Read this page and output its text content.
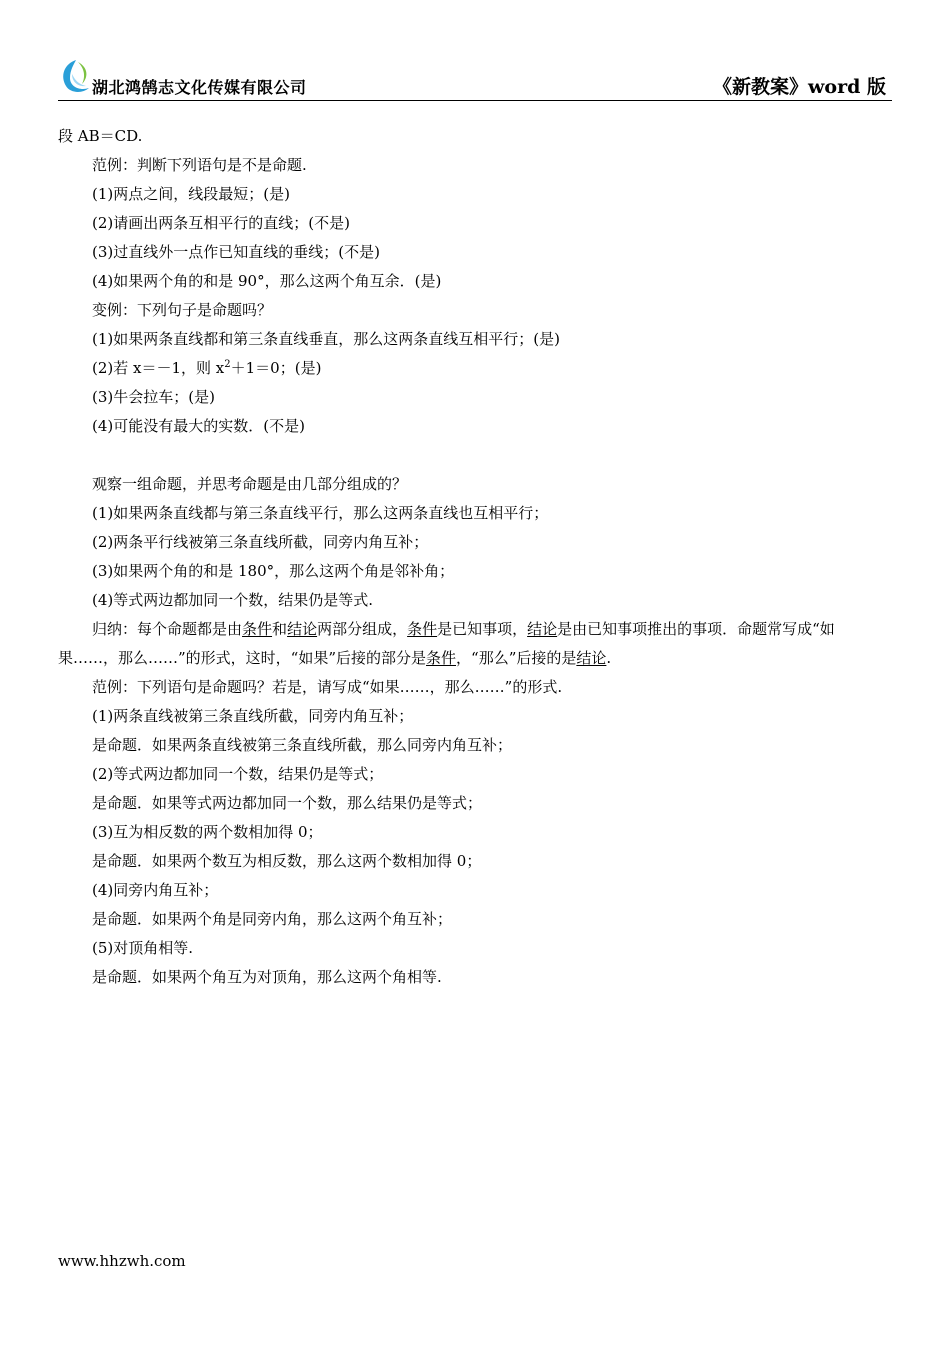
湖北鸿鹄志文化传媒有限公司	《新教案》word 版
段 AB＝CD.
范例：判断下列语句是不是命题.
(1)两点之间，线段最短；(是)
(2)请画出两条互相平行的直线；(不是)
(3)过直线外一点作已知直线的垂线；(不是)
(4)如果两个角的和是 90°，那么这两个角互余．(是)
变例：下列句子是命题吗？
(1)如果两条直线都和第三条直线垂直，那么这两条直线互相平行；(是)
(2)若 x＝－1，则 $x^2+1=0$；(是)
(3)牛会拉车；(是)
(4)可能没有最大的实数．(不是)
观察一组命题，并思考命题是由几部分组成的？
(1)如果两条直线都与第三条直线平行，那么这两条直线也互相平行；
(2)两条平行线被第三条直线所截，同旁内角互补；
(3)如果两个角的和是 180°，那么这两个角是邻补角；
(4)等式两边都加同一个数，结果仍是等式.
归纳：每个命题都是由条件和结论两部分组成，条件是已知事项，结论是由已知事项推出的事项．命题常写成“如果……，那么……”的形式，这时，“如果”后接的部分是条件，“那么”后接的是结论.
范例：下列语句是命题吗？若是，请写成“如果……，那么……”的形式.
(1)两条直线被第三条直线所截，同旁内角互补；
是命题．如果两条直线被第三条直线所截，那么同旁内角互补；
(2)等式两边都加同一个数，结果仍是等式；
是命题．如果等式两边都加同一个数，那么结果仍是等式；
(3)互为相反数的两个数相加得 0；
是命题．如果两个数互为相反数，那么这两个数相加得 0；
(4)同旁内角互补；
是命题．如果两个角是同旁内角，那么这两个角互补；
(5)对顶角相等.
是命题．如果两个角互为对顶角，那么这两个角相等.
www.hhzwh.com
